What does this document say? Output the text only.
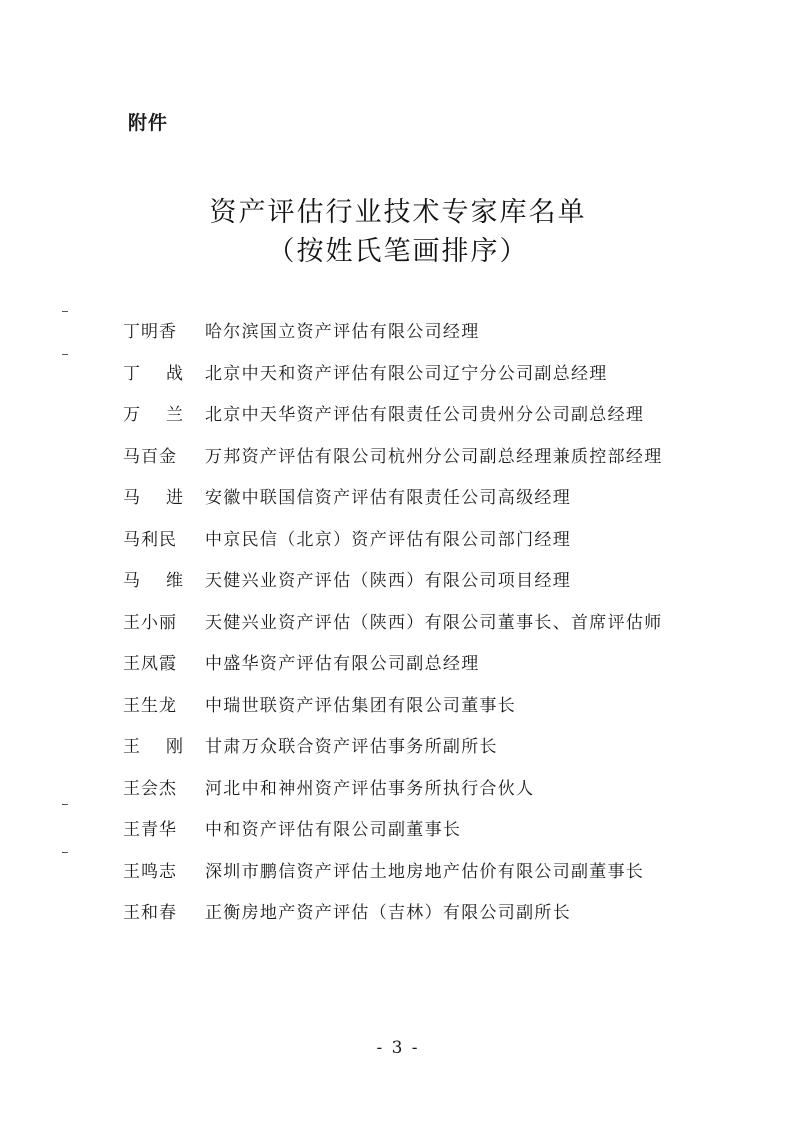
附件
资产评估行业技术专家库名单
（按姓氏笔画排序）
丁明香	哈尔滨国立资产评估有限公司经理
丁 战	北京中天和资产评估有限公司辽宁分公司副总经理
万 兰	北京中天华资产评估有限责任公司贵州分公司副总经理
马百金	万邦资产评估有限公司杭州分公司副总经理兼质控部经理
马 进	安徽中联国信资产评估有限责任公司高级经理
马利民	中京民信（北京）资产评估有限公司部门经理
马 维	天健兴业资产评估（陕西）有限公司项目经理
王小丽	天健兴业资产评估（陕西）有限公司董事长、首席评估师
王凤霞	中盛华资产评估有限公司副总经理
王生龙	中瑞世联资产评估集团有限公司董事长
王 刚	甘肃万众联合资产评估事务所副所长
王会杰	河北中和神州资产评估事务所执行合伙人
王青华	中和资产评估有限公司副董事长
王鸣志	深圳市鹏信资产评估土地房地产估价有限公司副董事长
王和春	正衡房地产资产评估（吉林）有限公司副所长
- 3 -
